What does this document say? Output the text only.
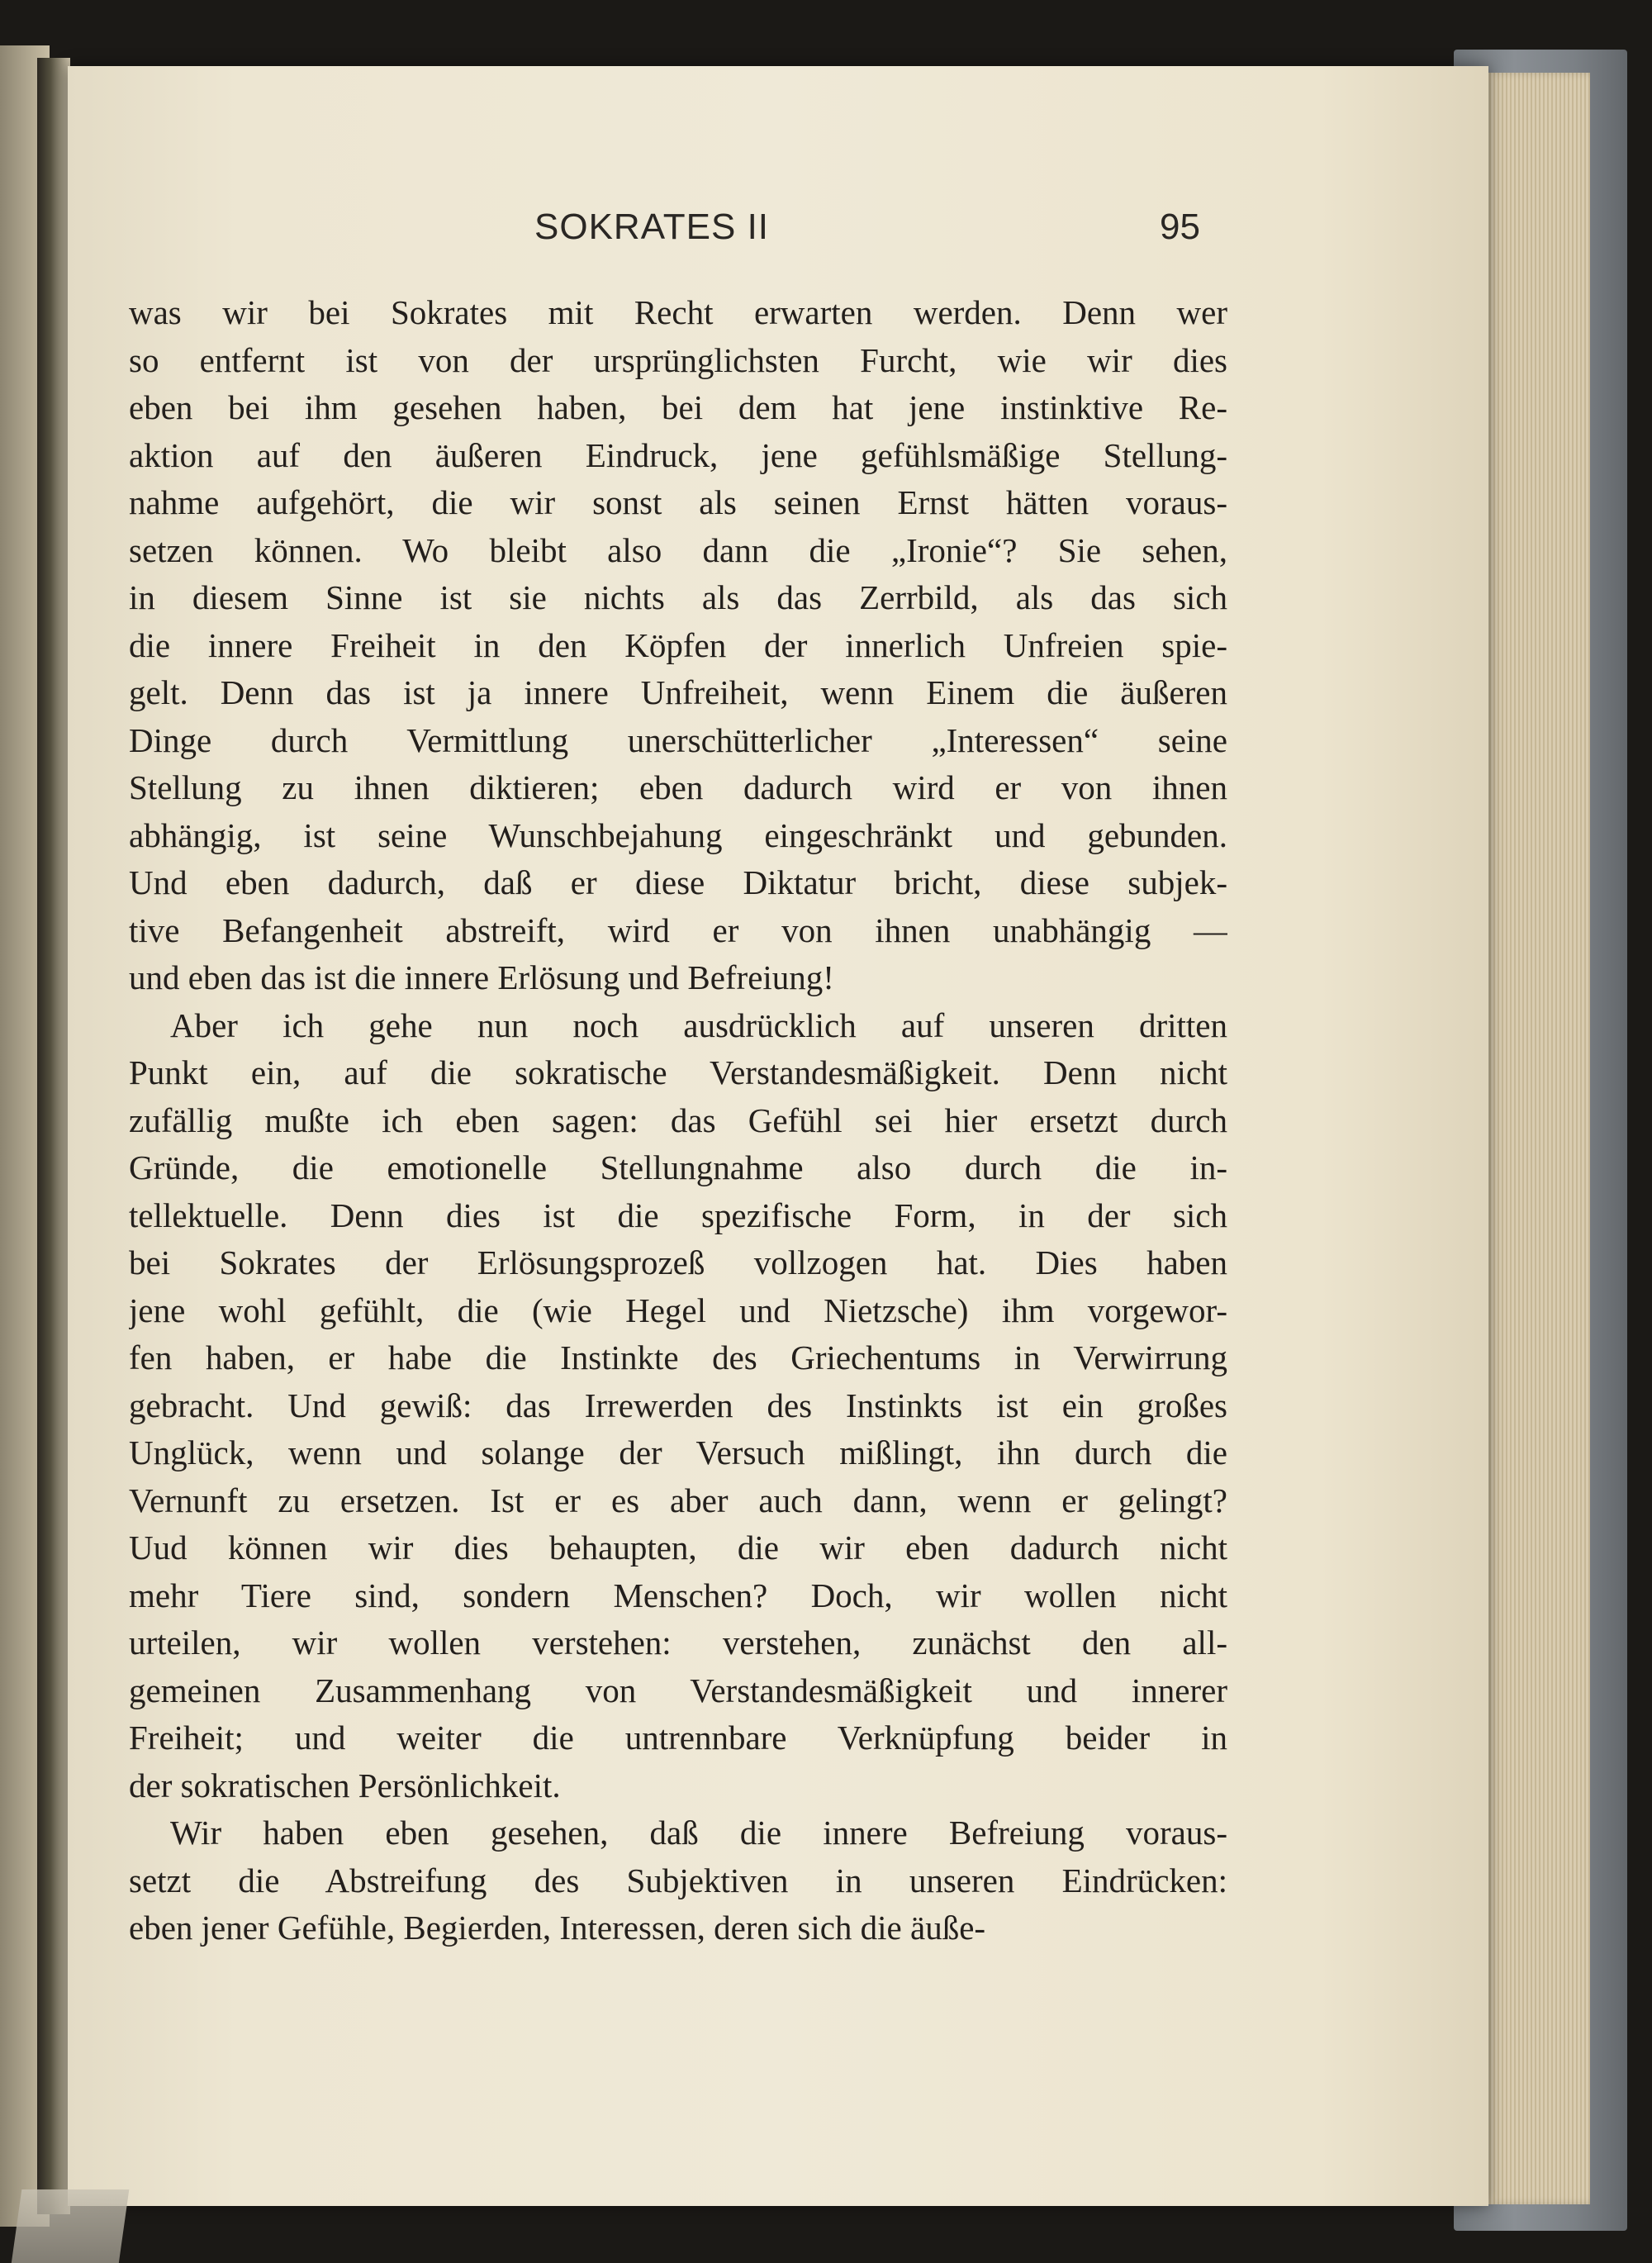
SOKRATES II	95

was wir bei Sokrates mit Recht erwarten werden. Denn wer
so entfernt ist von der ursprünglichsten Furcht, wie wir dies
eben bei ihm gesehen haben, bei dem hat jene instinktive Re-
aktion auf den äußeren Eindruck, jene gefühlsmäßige Stellung-
nahme aufgehört, die wir sonst als seinen Ernst hätten voraus-
setzen können. Wo bleibt also dann die „Ironie“? Sie sehen,
in diesem Sinne ist sie nichts als das Zerrbild, als das sich
die innere Freiheit in den Köpfen der innerlich Unfreien spie-
gelt. Denn das ist ja innere Unfreiheit, wenn Einem die äußeren
Dinge durch Vermittlung unerschütterlicher „Interessen“ seine
Stellung zu ihnen diktieren; eben dadurch wird er von ihnen
abhängig, ist seine Wunschbejahung eingeschränkt und gebunden.
Und eben dadurch, daß er diese Diktatur bricht, diese subjek-
tive Befangenheit abstreift, wird er von ihnen unabhängig —
und eben das ist die innere Erlösung und Befreiung!

Aber ich gehe nun noch ausdrücklich auf unseren dritten
Punkt ein, auf die sokratische Verstandesmäßigkeit. Denn nicht
zufällig mußte ich eben sagen: das Gefühl sei hier ersetzt durch
Gründe, die emotionelle Stellungnahme also durch die in-
tellektuelle. Denn dies ist die spezifische Form, in der sich
bei Sokrates der Erlösungsprozeß vollzogen hat. Dies haben
jene wohl gefühlt, die (wie Hegel und Nietzsche) ihm vorgewor-
fen haben, er habe die Instinkte des Griechentums in Verwirrung
gebracht. Und gewiß: das Irrewerden des Instinkts ist ein großes
Unglück, wenn und solange der Versuch mißlingt, ihn durch die
Vernunft zu ersetzen. Ist er es aber auch dann, wenn er gelingt?
Uud können wir dies behaupten, die wir eben dadurch nicht
mehr Tiere sind, sondern Menschen? Doch, wir wollen nicht
urteilen, wir wollen verstehen: verstehen, zunächst den all-
gemeinen Zusammenhang von Verstandesmäßigkeit und innerer
Freiheit; und weiter die untrennbare Verknüpfung beider in
der sokratischen Persönlichkeit.

Wir haben eben gesehen, daß die innere Befreiung voraus-
setzt die Abstreifung des Subjektiven in unseren Eindrücken:
eben jener Gefühle, Begierden, Interessen, deren sich die äuße-
